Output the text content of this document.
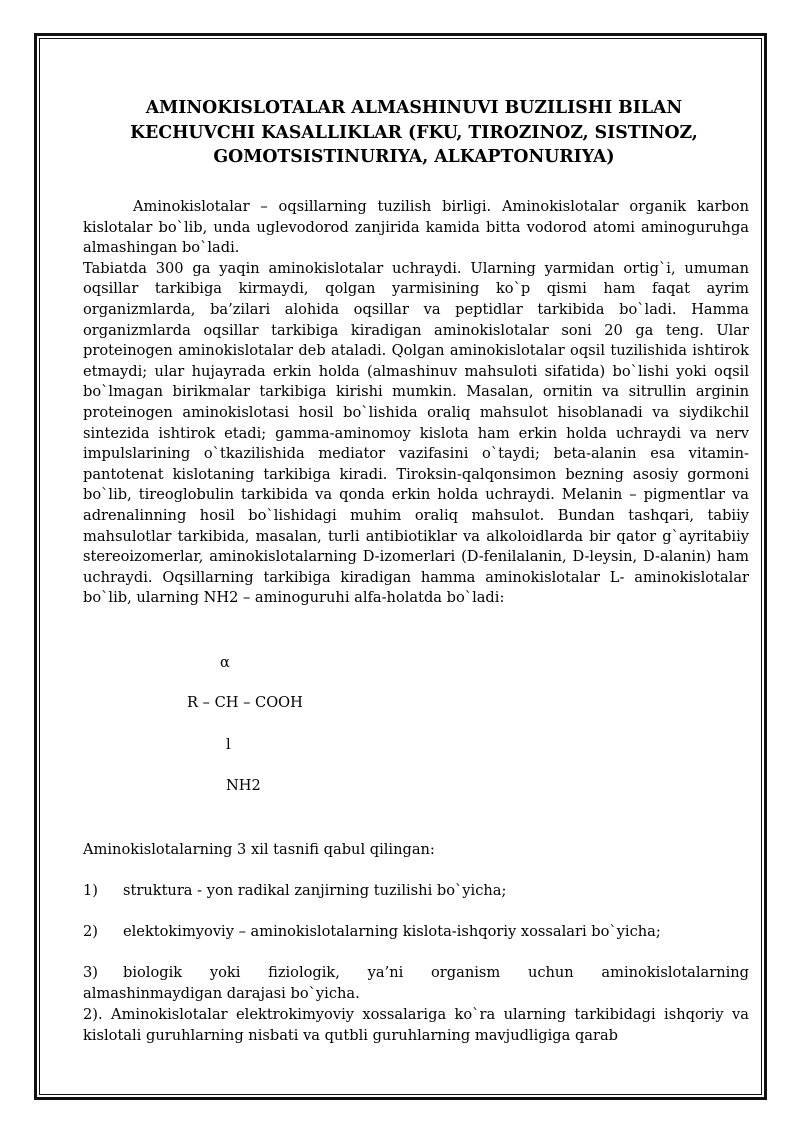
AMINOKISLOTALAR ALMASHINUVI BUZILISHI BILAN KECHUVCHI KASALLIKLAR (FKU, TIROZINOZ, SISTINOZ, GOMOTSISTINURIYA, ALKAPTONURIYA)

Aminokislotalar – oqsillarning tuzilish birligi. Aminokislotalar organik karbon kislotalar bo`lib, unda uglevodorod zanjirida kamida bitta vodorod atomi aminoguruhga almashingan bo`ladi.

Tabiatda 300 ga yaqin aminokislotalar uchraydi. Ularning yarmidan ortig`i, umuman oqsillar tarkibiga kirmaydi, qolgan yarmisining ko`p qismi ham faqat ayrim organizmlarda, ba’zilari alohida oqsillar va peptidlar tarkibida bo`ladi. Hamma organizmlarda oqsillar tarkibiga kiradigan aminokislotalar soni 20 ga teng. Ular proteinogen aminokislotalar deb ataladi. Qolgan aminokislotalar oqsil tuzilishida ishtirok etmaydi; ular hujayrada erkin holda (almashinuv mahsuloti sifatida) bo`lishi yoki oqsil bo`lmagan birikmalar tarkibiga kirishi mumkin. Masalan, ornitin va sitrullin arginin proteinogen aminokislotasi hosil bo`lishida oraliq mahsulot hisoblanadi va siydikchil sintezida ishtirok etadi; gamma-aminomoy kislota ham erkin holda uchraydi va nerv impulslarining o`tkazilishida mediator vazifasini o`taydi; beta-alanin esa vitamin-pantotenat kislotaning tarkibiga kiradi. Tiroksin-qalqonsimon bezning asosiy gormoni bo`lib, tireoglobulin tarkibida va qonda erkin holda uchraydi. Melanin – pigmentlar va adrenalinning hosil bo`lishidagi muhim oraliq mahsulot. Bundan tashqari, tabiiy mahsulotlar tarkibida, masalan, turli antibiotiklar va alkoloidlarda bir qator g`ayritabiiy stereoizomerlar, aminokislotalarning D-izomerlari (D-fenilalanin, D-leysin, D-alanin) ham uchraydi. Oqsillarning tarkibiga kiradigan hamma aminokislotalar L- aminokislotalar bo`lib, ularning NH2 – aminoguruhi alfa-holatda bo`ladi:

α
R – CH – COOH
l
NH2
Aminokislotalarning 3 xil tasnifi qabul qilingan:
1) struktura - yon radikal zanjirning tuzilishi bo`yicha;
2) elektokimyoviy – aminokislotalarning kislota-ishqoriy xossalari bo`yicha;
3) biologik yoki fiziologik, ya’ni organism uchun aminokislotalarning almashinmaydigan darajasi bo`yicha.
2). Aminokislotalar elektrokimyoviy xossalariga ko`ra ularning tarkibidagi ishqoriy va kislotali guruhlarning nisbati va qutbli guruhlarning mavjudligiga qarab
